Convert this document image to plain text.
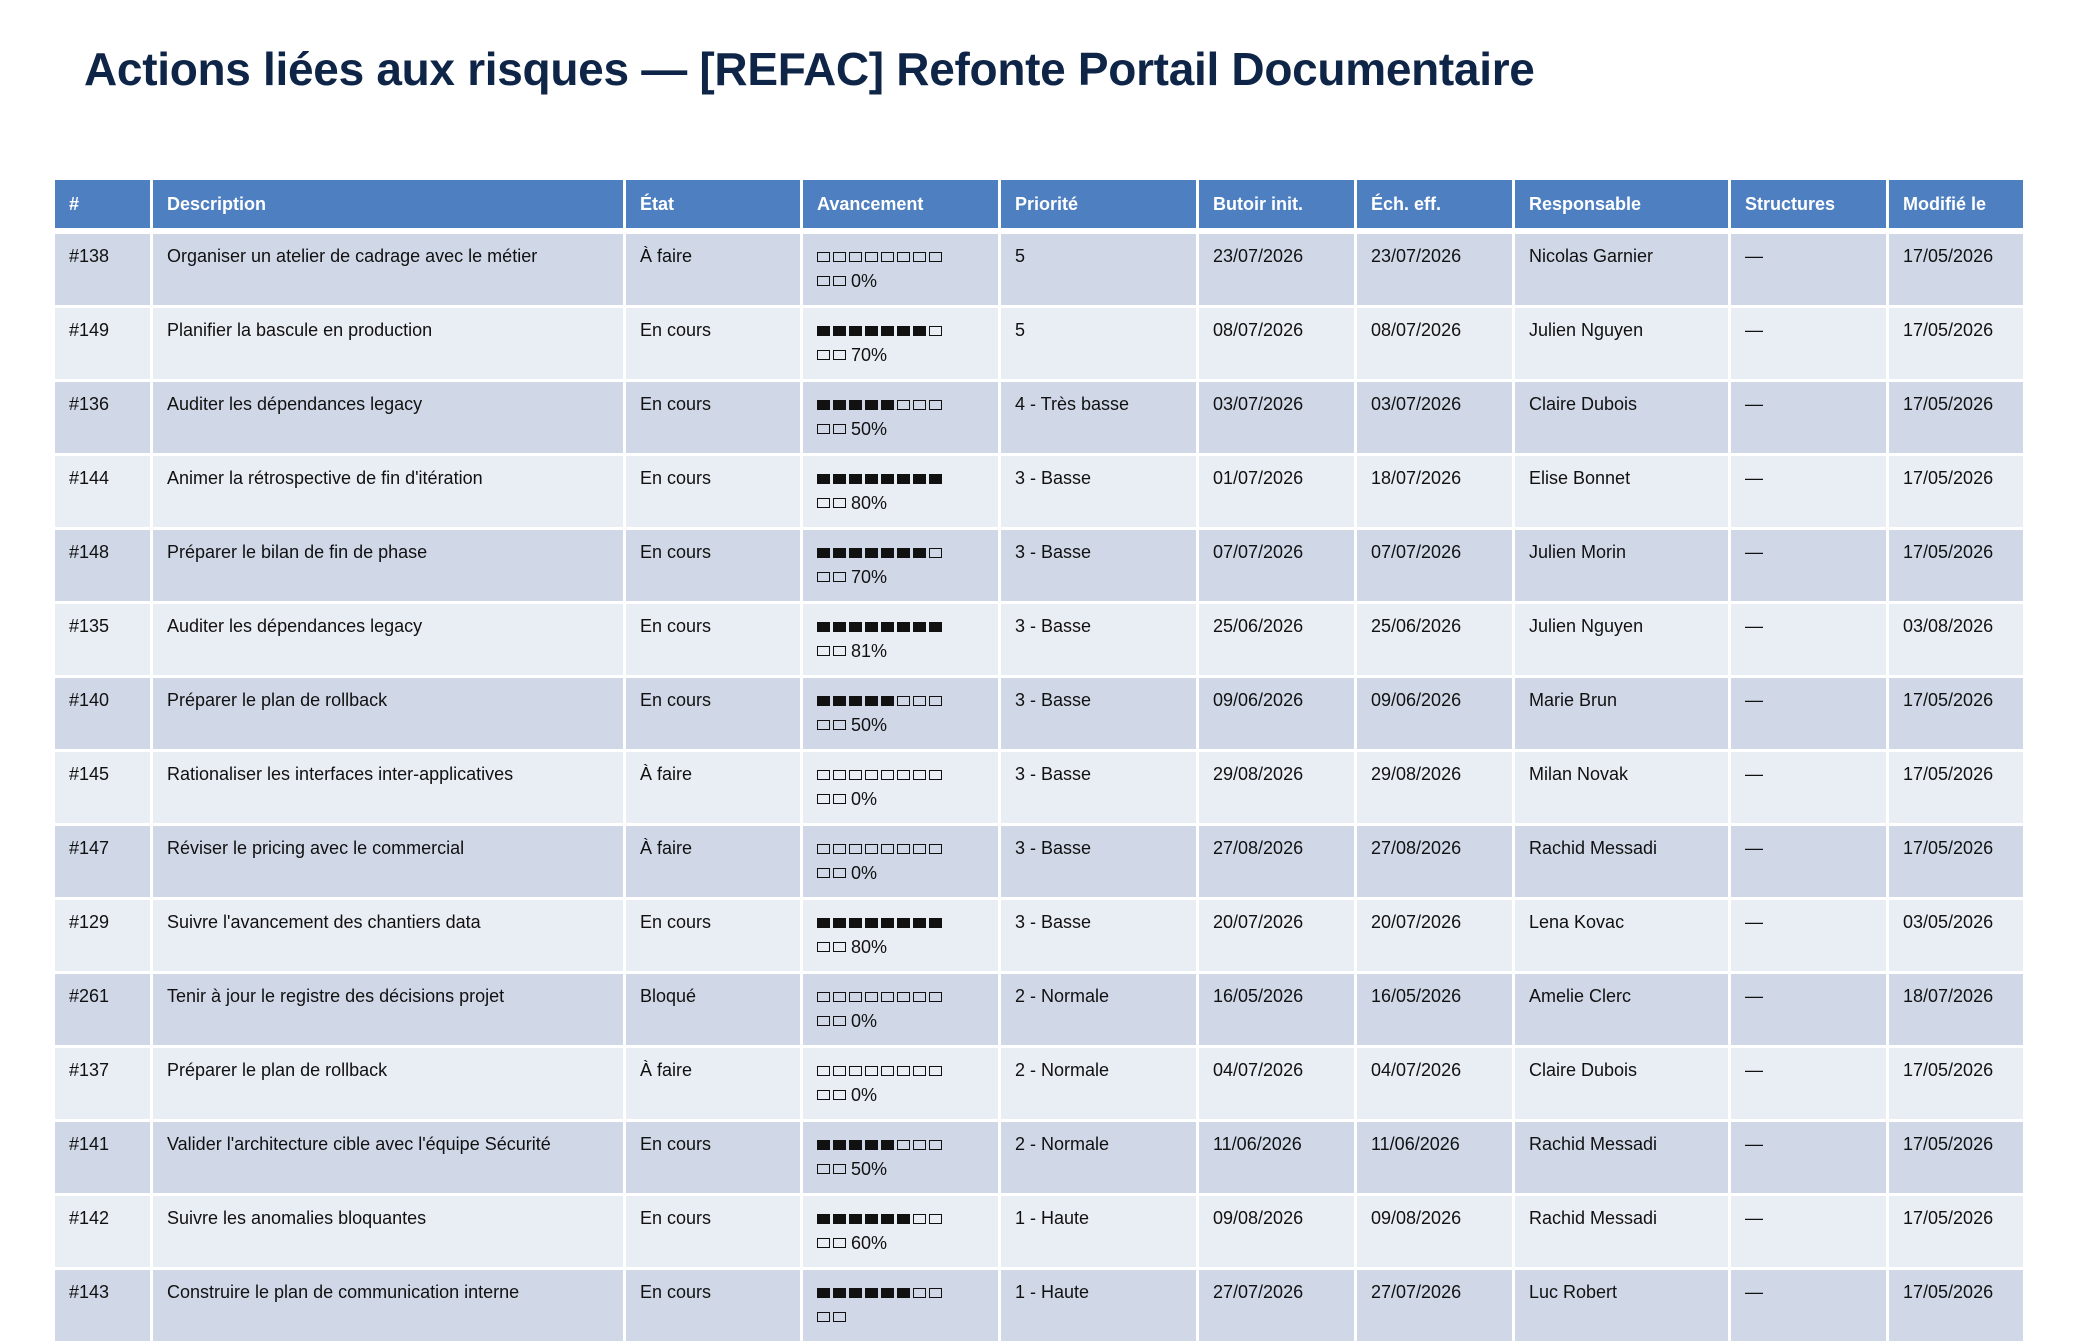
Actions liées aux risques — [REFAC] Refonte Portail Documentaire
#	Description	État	Avancement	Priorité	Butoir init.	Éch. eff.	Responsable	Structures	Modifié le
#138	Organiser un atelier de cadrage avec le métier	À faire	0%	5	23/07/2026	23/07/2026	Nicolas Garnier	—	17/05/2026
#149	Planifier la bascule en production	En cours	70%	5	08/07/2026	08/07/2026	Julien Nguyen	—	17/05/2026
#136	Auditer les dépendances legacy	En cours	50%	4 - Très basse	03/07/2026	03/07/2026	Claire Dubois	—	17/05/2026
#144	Animer la rétrospective de fin d'itération	En cours	80%	3 - Basse	01/07/2026	18/07/2026	Elise Bonnet	—	17/05/2026
#148	Préparer le bilan de fin de phase	En cours	70%	3 - Basse	07/07/2026	07/07/2026	Julien Morin	—	17/05/2026
#135	Auditer les dépendances legacy	En cours	81%	3 - Basse	25/06/2026	25/06/2026	Julien Nguyen	—	03/08/2026
#140	Préparer le plan de rollback	En cours	50%	3 - Basse	09/06/2026	09/06/2026	Marie Brun	—	17/05/2026
#145	Rationaliser les interfaces inter-applicatives	À faire	0%	3 - Basse	29/08/2026	29/08/2026	Milan Novak	—	17/05/2026
#147	Réviser le pricing avec le commercial	À faire	0%	3 - Basse	27/08/2026	27/08/2026	Rachid Messadi	—	17/05/2026
#129	Suivre l'avancement des chantiers data	En cours	80%	3 - Basse	20/07/2026	20/07/2026	Lena Kovac	—	03/05/2026
#261	Tenir à jour le registre des décisions projet	Bloqué	0%	2 - Normale	16/05/2026	16/05/2026	Amelie Clerc	—	18/07/2026
#137	Préparer le plan de rollback	À faire	0%	2 - Normale	04/07/2026	04/07/2026	Claire Dubois	—	17/05/2026
#141	Valider l'architecture cible avec l'équipe Sécurité	En cours	50%	2 - Normale	11/06/2026	11/06/2026	Rachid Messadi	—	17/05/2026
#142	Suivre les anomalies bloquantes	En cours	60%	1 - Haute	09/08/2026	09/08/2026	Rachid Messadi	—	17/05/2026
#143	Construire le plan de communication interne	En cours		1 - Haute	27/07/2026	27/07/2026	Luc Robert	—	17/05/2026
